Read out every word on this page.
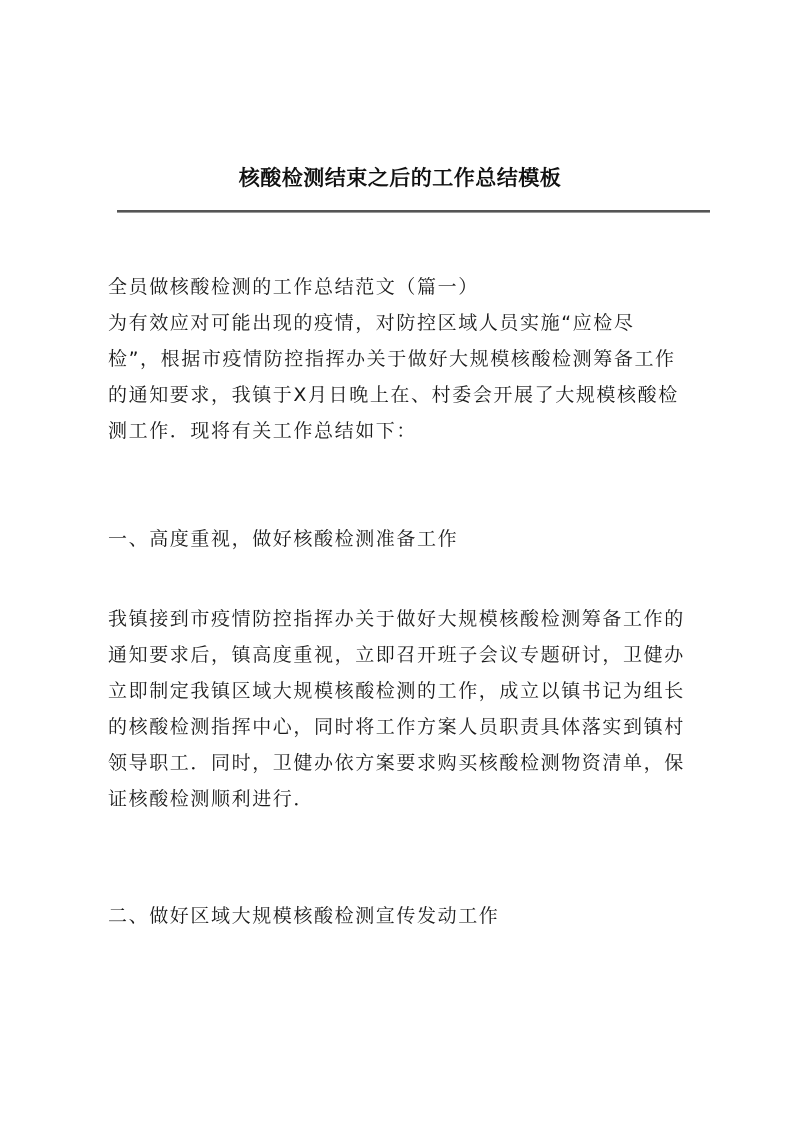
核酸检测结束之后的工作总结模板
全员做核酸检测的工作总结范文（篇一）
为有效应对可能出现的疫情，对防控区域人员实施“应检尽
检”，根据市疫情防控指挥办关于做好大规模核酸检测筹备工作
的通知要求，我镇于X月日晚上在、村委会开展了大规模核酸检
测工作．现将有关工作总结如下：
一、高度重视，做好核酸检测准备工作
我镇接到市疫情防控指挥办关于做好大规模核酸检测筹备工作的
通知要求后，镇高度重视，立即召开班子会议专题研讨，卫健办
立即制定我镇区域大规模核酸检测的工作，成立以镇书记为组长
的核酸检测指挥中心，同时将工作方案人员职责具体落实到镇村
领导职工．同时，卫健办依方案要求购买核酸检测物资清单，保
证核酸检测顺利进行．
二、做好区域大规模核酸检测宣传发动工作
